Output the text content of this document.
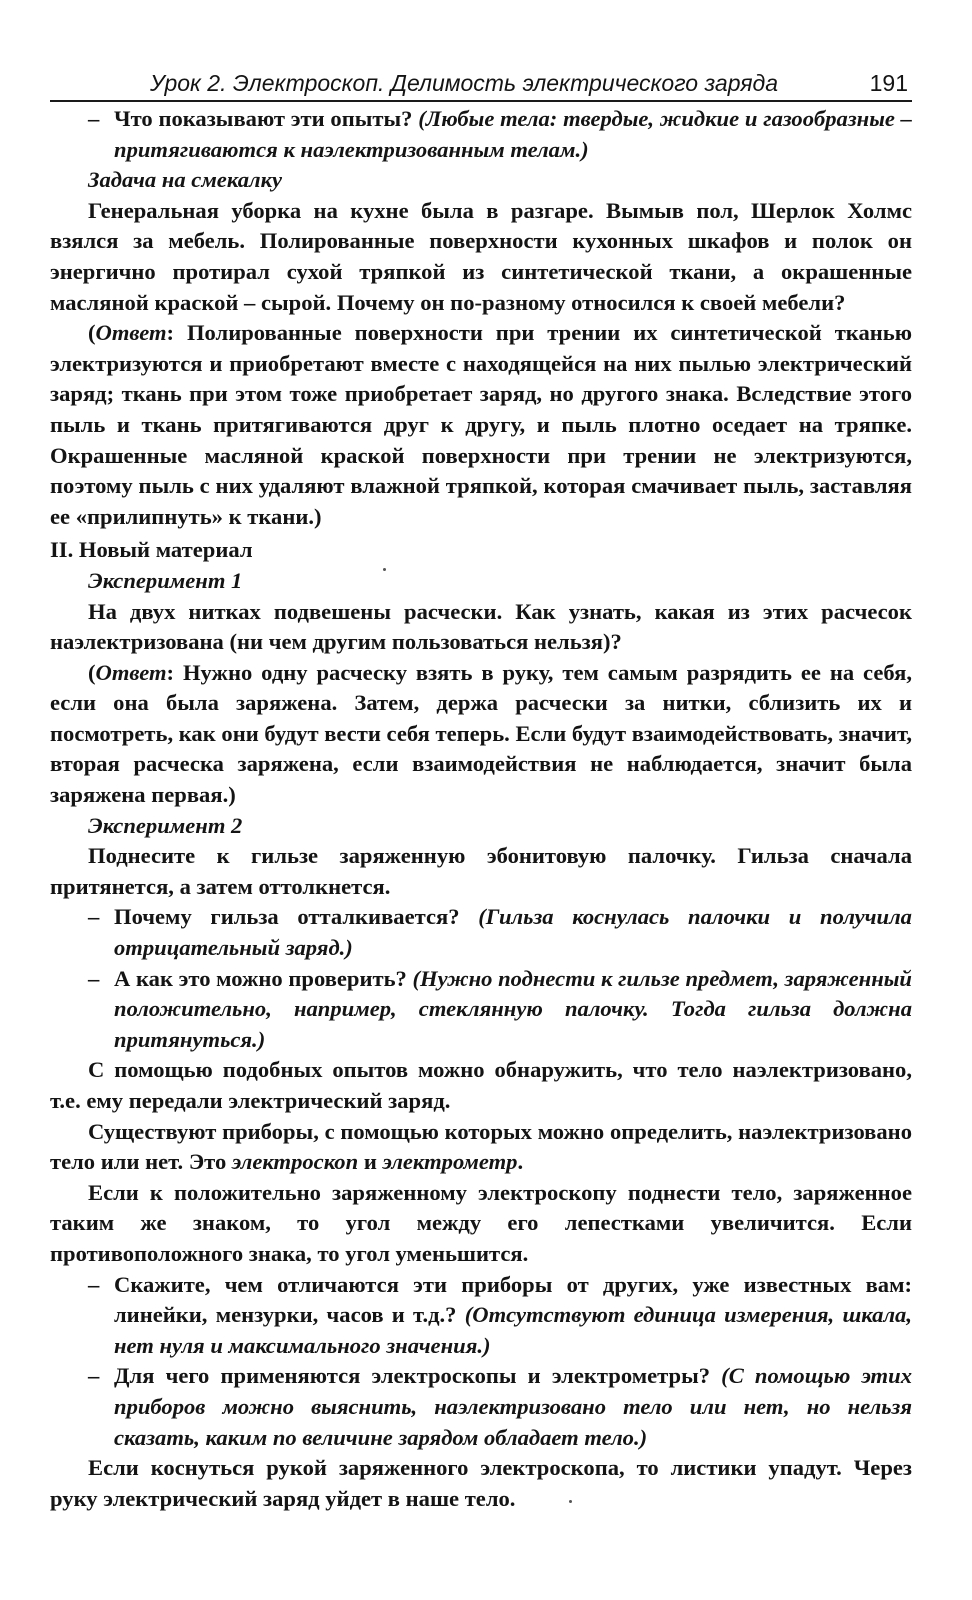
Урок 2. Электроскоп. Делимость электрического заряда	191

– Что показывают эти опыты? (Любые тела: твердые, жидкие и газообразные – притягиваются к наэлектризованным телам.)

Задача на смекалку

Генеральная уборка на кухне была в разгаре. Вымыв пол, Шерлок Холмс взялся за мебель. Полированные поверхности кухонных шкафов и полок он энергично протирал сухой тряпкой из синтетической ткани, а окрашенные масляной краской – сырой. Почему он по-разному относился к своей мебели?

(Ответ: Полированные поверхности при трении их синтетической тканью электризуются и приобретают вместе с находящейся на них пылью электрический заряд; ткань при этом тоже приобретает заряд, но другого знака. Вследствие этого пыль и ткань притягиваются друг к другу, и пыль плотно оседает на тряпке. Окрашенные масляной краской поверхности при трении не электризуются, поэтому пыль с них удаляют влажной тряпкой, которая смачивает пыль, заставляя ее «прилипнуть» к ткани.)

II. Новый материал

Эксперимент 1

На двух нитках подвешены расчески. Как узнать, какая из этих расчесок наэлектризована (ни чем другим пользоваться нельзя)?

(Ответ: Нужно одну расческу взять в руку, тем самым разрядить ее на себя, если она была заряжена. Затем, держа расчески за нитки, сблизить их и посмотреть, как они будут вести себя теперь. Если будут взаимодействовать, значит, вторая расческа заряжена, если взаимодействия не наблюдается, значит была заряжена первая.)

Эксперимент 2

Поднесите к гильзе заряженную эбонитовую палочку. Гильза сначала притянется, а затем оттолкнется.

– Почему гильза отталкивается? (Гильза коснулась палочки и получила отрицательный заряд.)

– А как это можно проверить? (Нужно поднести к гильзе предмет, заряженный положительно, например, стеклянную палочку. Тогда гильза должна притянуться.)

С помощью подобных опытов можно обнаружить, что тело наэлектризовано, т.е. ему передали электрический заряд.

Существуют приборы, с помощью которых можно определить, наэлектризовано тело или нет. Это электроскоп и электрометр.

Если к положительно заряженному электроскопу поднести тело, заряженное таким же знаком, то угол между его лепестками увеличится. Если противоположного знака, то угол уменьшится.

– Скажите, чем отличаются эти приборы от других, уже известных вам: линейки, мензурки, часов и т.д.? (Отсутствуют единица измерения, шкала, нет нуля и максимального значения.)

– Для чего применяются электроскопы и электрометры? (С помощью этих приборов можно выяснить, наэлектризовано тело или нет, но нельзя сказать, каким по величине зарядом обладает тело.)

Если коснуться рукой заряженного электроскопа, то листики упадут. Через руку электрический заряд уйдет в наше тело.
